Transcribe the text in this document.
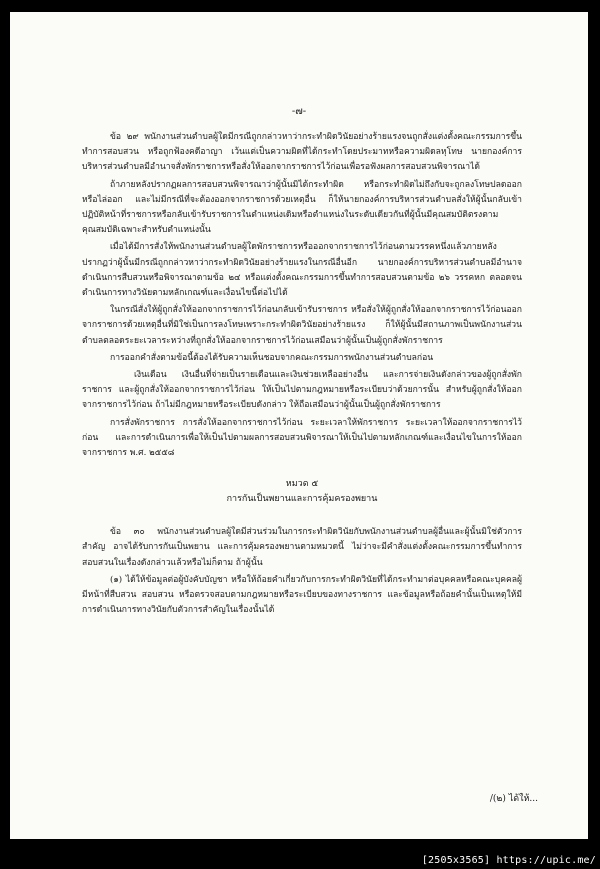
-๗-

ข้อ ๒๙ พนักงานส่วนตำบลผู้ใดมีกรณีถูกกล่าวหาว่ากระทำผิดวินัยอย่างร้ายแรงจนถูกสั่งแต่งตั้งคณะกรรมการขึ้นทำการสอบสวน หรือถูกฟ้องคดีอาญา เว้นแต่เป็นความผิดที่ได้กระทำโดยประมาทหรือความผิดลหุโทษ นายกองค์การบริหารส่วนตำบลมีอำนาจสั่งพักราชการหรือสั่งให้ออกจากราชการไว้ก่อนเพื่อรอฟังผลการสอบสวนพิจารณาได้

ถ้าภายหลังปรากฏผลการสอบสวนพิจารณาว่าผู้นั้นมิได้กระทำผิด หรือกระทำผิดไม่ถึงกับจะถูกลงโทษปลดออก หรือไล่ออก และไม่มีกรณีที่จะต้องออกจากราชการด้วยเหตุอื่น ก็ให้นายกองค์การบริหารส่วนตำบลสั่งให้ผู้นั้นกลับเข้าปฏิบัติหน้าที่ราชการหรือกลับเข้ารับราชการในตำแหน่งเดิมหรือตำแหน่งในระดับเดียวกันที่ผู้นั้นมีคุณสมบัติตรงตามคุณสมบัติเฉพาะสำหรับตำแหน่งนั้น

เมื่อได้มีการสั่งให้พนักงานส่วนตำบลผู้ใดพักราชการหรือออกจากราชการไว้ก่อนตามวรรคหนึ่งแล้วภายหลังปรากฏว่าผู้นั้นมีกรณีถูกกล่าวหาว่ากระทำผิดวินัยอย่างร้ายแรงในกรณีอื่นอีก นายกองค์การบริหารส่วนตำบลมีอำนาจดำเนินการสืบสวนหรือพิจารณาตามข้อ ๒๔ หรือแต่งตั้งคณะกรรมการขึ้นทำการสอบสวนตามข้อ ๒๖ วรรคหก ตลอดจนดำเนินการทางวินัยตามหลักเกณฑ์และเงื่อนไขนี้ต่อไปได้

ในกรณีสั่งให้ผู้ถูกสั่งให้ออกจากราชการไว้ก่อนกลับเข้ารับราชการ หรือสั่งให้ผู้ถูกสั่งให้ออกจากราชการไว้ก่อนออกจากราชการด้วยเหตุอื่นที่มิใช่เป็นการลงโทษเพราะกระทำผิดวินัยอย่างร้ายแรง ก็ให้ผู้นั้นมีสถานภาพเป็นพนักงานส่วนตำบลตลอดระยะเวลาระหว่างที่ถูกสั่งให้ออกจากราชการไว้ก่อนเสมือนว่าผู้นั้นเป็นผู้ถูกสั่งพักราชการ

การออกคำสั่งตามข้อนี้ต้องได้รับความเห็นชอบจากคณะกรรมการพนักงานส่วนตำบลก่อน

เงินเดือน เงินอื่นที่จ่ายเป็นรายเดือนและเงินช่วยเหลืออย่างอื่น และการจ่ายเงินดังกล่าวของผู้ถูกสั่งพักราชการ และผู้ถูกสั่งให้ออกจากราชการไว้ก่อน ให้เป็นไปตามกฎหมายหรือระเบียบว่าด้วยการนั้น สำหรับผู้ถูกสั่งให้ออกจากราชการไว้ก่อน ถ้าไม่มีกฎหมายหรือระเบียบดังกล่าว ให้ถือเสมือนว่าผู้นั้นเป็นผู้ถูกสั่งพักราชการ

การสั่งพักราชการ การสั่งให้ออกจากราชการไว้ก่อน ระยะเวลาให้พักราชการ ระยะเวลาให้ออกจากราชการไว้ก่อน และการดำเนินการเพื่อให้เป็นไปตามผลการสอบสวนพิจารณาให้เป็นไปตามหลักเกณฑ์และเงื่อนไขในการให้ออกจากราชการ พ.ศ. ๒๕๕๘

หมวด ๕
การกันเป็นพยานและการคุ้มครองพยาน

ข้อ ๓๐ พนักงานส่วนตำบลผู้ใดมีส่วนร่วมในการกระทำผิดวินัยกับพนักงานส่วนตำบลผู้อื่นและผู้นั้นมิใช่ตัวการสำคัญ อาจได้รับการกันเป็นพยาน และการคุ้มครองพยานตามหมวดนี้ ไม่ว่าจะมีคำสั่งแต่งตั้งคณะกรรมการขึ้นทำการสอบสวนในเรื่องดังกล่าวแล้วหรือไม่ก็ตาม ถ้าผู้นั้น

(๑) ได้ให้ข้อมูลต่อผู้บังคับบัญชา หรือให้ถ้อยคำเกี่ยวกับการกระทำผิดวินัยที่ได้กระทำมาต่อบุคคลหรือคณะบุคคลผู้มีหน้าที่สืบสวน สอบสวน หรือตรวจสอบตามกฎหมายหรือระเบียบของทางราชการ และข้อมูลหรือถ้อยคำนั้นเป็นเหตุให้มีการดำเนินการทางวินัยกับตัวการสำคัญในเรื่องนั้นได้

/(๒) ได้ให้...
[2505x3565] https://upic.me/
